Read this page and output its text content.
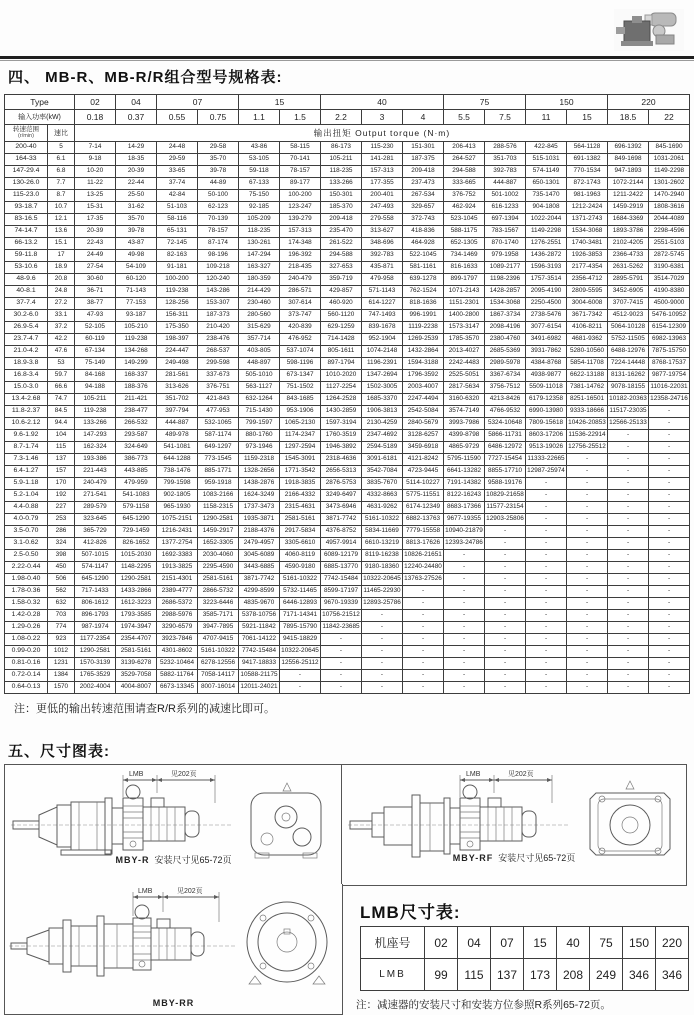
四、 MB-R、MB-R/R组合型号规格表:
Type		02	04	07		15		40			75		150		220	
输入功率(kW)		0.18	0.37	0.55	0.75	1.1	1.5	2.2	3	4	5.5	7.5	11	15	18.5	22

转速范围
(r/min)	速比	输出扭矩 Output torque (N·m)														
200-40	5	7-14	14-29	24-48	29-58	43-86	58-115	86-173	115-230	151-301	206-413	288-576	422-845	564-1128	696-1392	845-1690
164-33	6.1	9-18	18-35	29-59	35-70	53-105	70-141	105-211	141-281	187-375	264-527	351-703	515-1031	691-1382	849-1698	1031-2061
147-29.4	6.8	10-20	20-39	33-65	39-78	59-118	78-157	118-235	157-313	209-418	294-588	392-783	574-1149	770-1534	947-1893	1149-2298
130-26.0	7.7	11-22	22-44	37-74	44-89	67-133	89-177	133-266	177-355	237-473	333-665	444-887	650-1301	872-1743	1072-2144	1301-2602
115-23.0	8.7	13-25	25-50	42-84	50-100	75-150	100-200	150-301	200-401	267-534	376-752	501-1002	735-1470	981-1963	1211-2422	1470-2940
93-18.7	10.7	15-31	31-62	51-103	62-123	92-185	123-247	185-370	247-493	329-657	462-924	616-1233	904-1808	1212-2424	1459-2919	1808-3616
83-16.5	12.1	17-35	35-70	58-116	70-139	105-209	139-279	209-418	279-558	372-743	523-1045	697-1394	1022-2044	1371-2743	1684-3369	2044-4089
74-14.7	13.6	20-39	39-78	65-131	78-157	118-235	157-313	235-470	313-627	418-836	588-1175	783-1567	1149-2298	1534-3068	1893-3786	2298-4596
66-13.2	15.1	22-43	43-87	72-145	87-174	130-261	174-348	261-522	348-696	464-928	652-1305	870-1740	1276-2551	1740-3481	2102-4205	2551-5103
59-11.8	17	24-49	49-98	82-163	98-196	147-294	196-392	294-588	392-783	522-1045	734-1469	979-1958	1436-2872	1926-3853	2366-4733	2872-5745
53-10.6	18.9	27-54	54-109	91-181	109-218	163-327	218-435	327-653	435-871	581-1161	816-1633	1089-2177	1596-3193	2177-4354	2631-5262	3190-6381
48-9.6	20.8	30-60	60-120	100-200	120-240	180-359	240-479	359-719	479-958	639-1278	899-1797	1198-2396	1757-3514	2356-4712	2895-5791	3514-7029
40-8.1	24.8	36-71	71-143	119-238	143-286	214-429	286-571	429-857	571-1143	762-1524	1071-2143	1428-2857	2095-4190	2809-5595	3452-6905	4190-8380
37-7.4	27.2	38-77	77-153	128-256	153-307	230-460	307-614	460-920	614-1227	818-1636	1151-2301	1534-3068	2250-4500	3004-6008	3707-7415	4500-9000
30.2-6.0	33.1	47-93	93-187	156-311	187-373	280-560	373-747	560-1120	747-1493	996-1991	1400-2800	1867-3734	2738-5476	3671-7342	4512-9023	5476-10952
26.9-5.4	37.2	52-105	105-210	175-350	210-420	315-629	420-839	629-1259	839-1678	1119-2238	1573-3147	2098-4196	3077-6154	4106-8211	5064-10128	6154-12309
23.7-4.7	42.2	60-119	119-238	198-397	238-476	357-714	476-952	714-1428	952-1904	1269-2539	1785-3570	2380-4760	3491-6982	4681-9362	5752-11505	6982-13963
21.0-4.2	47.6	67-134	134-268	224-447	268-537	403-805	537-1074	805-1611	1074-2148	1432-2864	2013-4027	2685-5369	3931-7862	5280-10560	6488-12976	7875-15750
18.9-3.8	53	75-149	149-299	249-498	299-598	448-897	598-1196	897-1794	1196-2391	1594-3188	2242-4483	2989-5978	4384-8768	5854-11708	7224-14448	8768-17537
16.8-3.4	59.7	84-168	168-337	281-561	337-673	505-1010	673-1347	1010-2020	1347-2694	1796-3592	2525-5051	3367-6734	4938-9877	6622-13188	8131-16262	9877-19754
15.0-3.0	66.6	94-188	188-376	313-626	376-751	563-1127	751-1502	1127-2254	1502-3005	2003-4007	2817-5634	3756-7512	5509-11018	7381-14762	9078-18155	11016-22031
13.4-2.68	74.7	105-211	211-421	351-702	421-843	632-1264	843-1685	1264-2528	1685-3370	2247-4494	3160-6320	4213-8426	6179-12358	8251-16501	10182-20363	12358-24716
11.8-2.37	84.5	119-238	238-477	397-794	477-953	715-1430	953-1906	1430-2859	1906-3813	2542-5084	3574-7149	4766-9532	6990-13980	9333-18666	11517-23035	-
10.6-2.12	94.4	133-266	266-532	444-887	532-1065	799-1597	1065-2130	1597-3194	2130-4259	2840-5679	3993-7986	5324-10648	7809-15618	10426-20853	12566-25133	-
9.6-1.92	104	147-293	293-587	489-978	587-1174	880-1760	1174-2347	1760-3519	2347-4692	3128-6257	4399-8798	5866-11731	8603-17206	11536-22914	-	-
8.7-1.74	115	162-324	324-649	541-1081	649-1297	973-1946	1297-2594	1946-3892	2594-5189	3459-6918	4865-9729	6486-12972	9513-19026	12756-25512	-	-
7.3-1.46	137	193-386	386-773	644-1288	773-1545	1159-2318	1545-3091	2318-4636	3091-6181	4121-8242	5795-11590	7727-15454	11333-22665	-	-	-
6.4-1.27	157	221-443	443-885	738-1476	885-1771	1328-2656	1771-3542	2656-5313	3542-7084	4723-9445	6641-13282	8855-17710	12987-25974	-	-	-
5.9-1.18	170	240-479	479-959	799-1598	959-1918	1438-2876	1918-3835	2876-5753	3835-7670	5114-10227	7191-14382	9588-19176	-	-	-	-
5.2-1.04	192	271-541	541-1083	902-1805	1083-2166	1624-3249	2166-4332	3249-6497	4332-8663	5775-11551	8122-16243	10829-21658	-	-	-	-
4.4-0.88	227	289-579	579-1158	965-1930	1158-2315	1737-3473	2315-4631	3473-6946	4631-9262	6174-12349	8683-17366	11577-23154	-	-	-	-
4.0-0.79	253	323-645	645-1290	1075-2151	1290-2581	1935-3871	2581-5161	3871-7742	5161-10322	6882-13763	9677-19355	12903-25806	-	-	-	-
3.5-0.70	286	365-729	729-1459	1216-2431	1459-2917	2188-4376	2917-5834	4376-8752	5834-11669	7779-15558	10940-21879	-	-	-	-	-
3.1-0.62	324	412-826	826-1652	1377-2754	1652-3305	2479-4957	3305-6610	4957-9914	6610-13219	8813-17626	12393-24786	-	-	-	-	-
2.5-0.50	398	507-1015	1015-2030	1692-3383	2030-4060	3045-6089	4060-8119	6089-12179	8119-16238	10826-21651	-	-	-	-	-	-
2.22-0.44	450	574-1147	1148-2295	1913-3825	2295-4590	3443-6885	4590-9180	6885-13770	9180-18360	12240-24480	-	-	-	-	-	-
1.98-0.40	506	645-1290	1290-2581	2151-4301	2581-5161	3871-7742	5161-10322	7742-15484	10322-20645	13763-27526	-	-	-	-	-	-
1.78-0.36	562	717-1433	1433-2866	2389-4777	2866-5732	4299-8599	5732-11465	8599-17197	11465-22930	-	-	-	-	-	-	-
1.58-0.32	632	806-1612	1612-3223	2686-5372	3223-6446	4835-9670	6446-12893	9670-19339	12893-25786	-	-	-	-	-	-	-
1.42-0.28	703	896-1793	1793-3585	2988-5976	3585-7171	5378-10756	7171-14341	10756-21512	-	-	-	-	-	-	-	-
1.29-0.26	774	987-1974	1974-3947	3290-6579	3947-7895	5921-11842	7895-15790	11842-23685	-	-	-	-	-	-	-	-
1.08-0.22	923	1177-2354	2354-4707	3923-7846	4707-9415	7061-14122	9415-18829	-	-	-	-	-	-	-	-	-
0.99-0.20	1012	1290-2581	2581-5161	4301-8602	5161-10322	7742-15484	10322-20645	-	-	-	-	-	-	-	-	-
0.81-0.16	1231	1570-3139	3139-6278	5232-10464	6278-12556	9417-18833	12556-25112	-	-	-	-	-	-	-	-	-
0.72-0.14	1384	1765-3529	3529-7058	5882-11764	7058-14117	10588-21175	-	-	-	-	-	-	-	-	-	-
0.64-0.13	1570	2002-4004	4004-8007	6673-13345	8007-16014	12011-24021	-	-	-	-	-	-	-	-	-	-
注：更低的输出转速范围请查R/R系列的减速比即可。
五、尺寸图表:
LMB	见202页
MBY-R 安装尺寸见65-72页
LMB	见202页
MBY-RF 安装尺寸见65-72页
LMB	见202页
MBY-RR
LMB尺寸表:
机座号	02	04	07	15	40	75	150	220
LMB	99	115	137	173	208	249	346	346
注：减速器的安装尺寸和安装方位参照R系列65-72页。
